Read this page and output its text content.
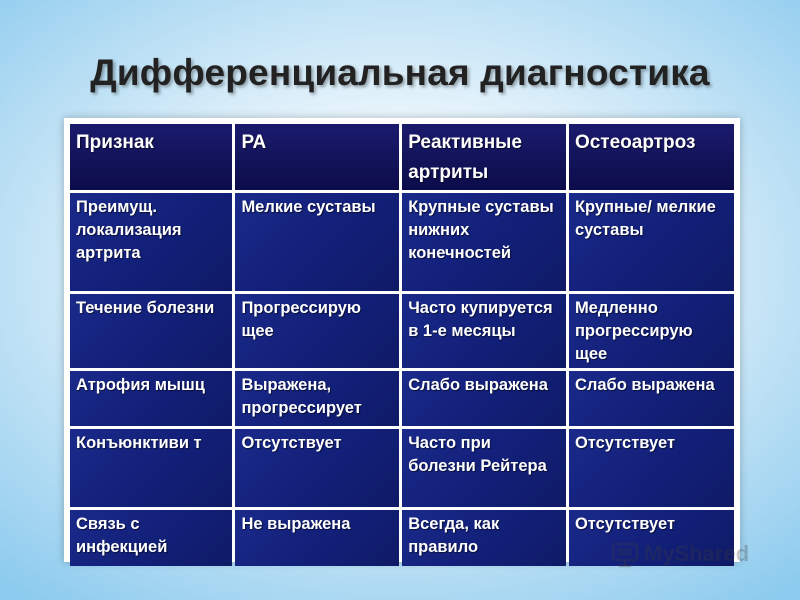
Дифференциальная диагностика
Признак	РА	Реактивные артриты	Остеоартроз
Преимущ. локализация артрита	Мелкие суставы	Крупные суставы нижних конечностей	Крупные/ мелкие суставы
Течение болезни	Прогрессирую щее	Часто купируется в 1-е месяцы	Медленно прогрессирую щее
Атрофия мышц	Выражена, прогрессирует	Слабо выражена	Слабо выражена
Конъюнктиви т	Отсутствует	Часто при болезни Рейтера	Отсутствует
Связь с инфекцией	Не выражена	Всегда, как правило	Отсутствует
MyShared
